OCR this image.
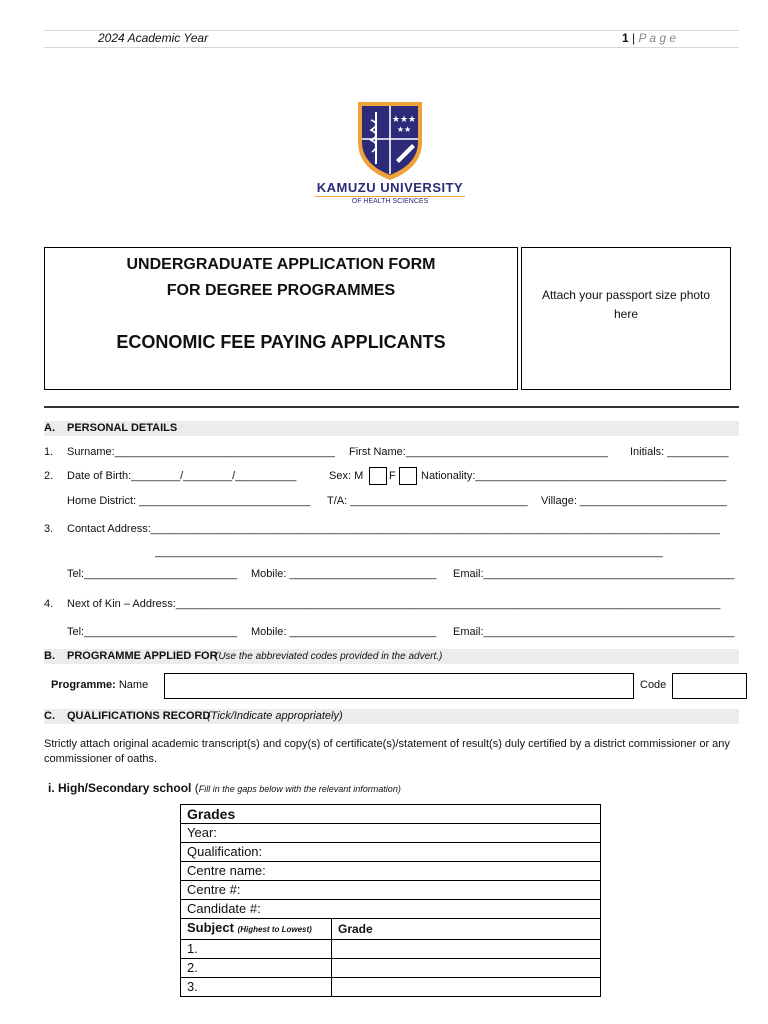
2024 Academic Year	1 | P a g e
★★★
★★
KAMUZU UNIVERSITY
OF HEALTH SCIENCES
UNDERGRADUATE APPLICATION FORM
FOR DEGREE PROGRAMMES
ECONOMIC FEE PAYING APPLICANTS
Attach your passport size photo here
A. PERSONAL DETAILS
1. Surname:____________________________________ First Name:_________________________________ Initials: __________
2. Date of Birth:________/________/__________	Sex: M F Nationality:_________________________________________
Home District: ____________________________ T/A: _____________________________ Village: ________________________
3. Contact Address:_____________________________________________________________________________________________
___________________________________________________________________________________
Tel:_________________________ Mobile: ________________________ Email:_________________________________________
4. Next of Kin – Address:_________________________________________________________________________________________
Tel:_________________________ Mobile: ________________________ Email:_________________________________________
B. PROGRAMME APPLIED FOR
(Use the abbreviated codes provided in the advert.)
Programme: Name	Code
C. QUALIFICATIONS RECORD
(Tick/Indicate appropriately)
Strictly attach original academic transcript(s) and copy(s) of certificate(s)/statement of result(s) duly certified by a district commissioner or any commissioner of oaths.
i. High/Secondary school (Fill in the gaps below with the relevant information)
Grades	
Year:	
Qualification:	
Centre name:	
Centre #:	
Candidate #:	
Subject (Highest to Lowest)	Grade
1.	
2.	
3.	
